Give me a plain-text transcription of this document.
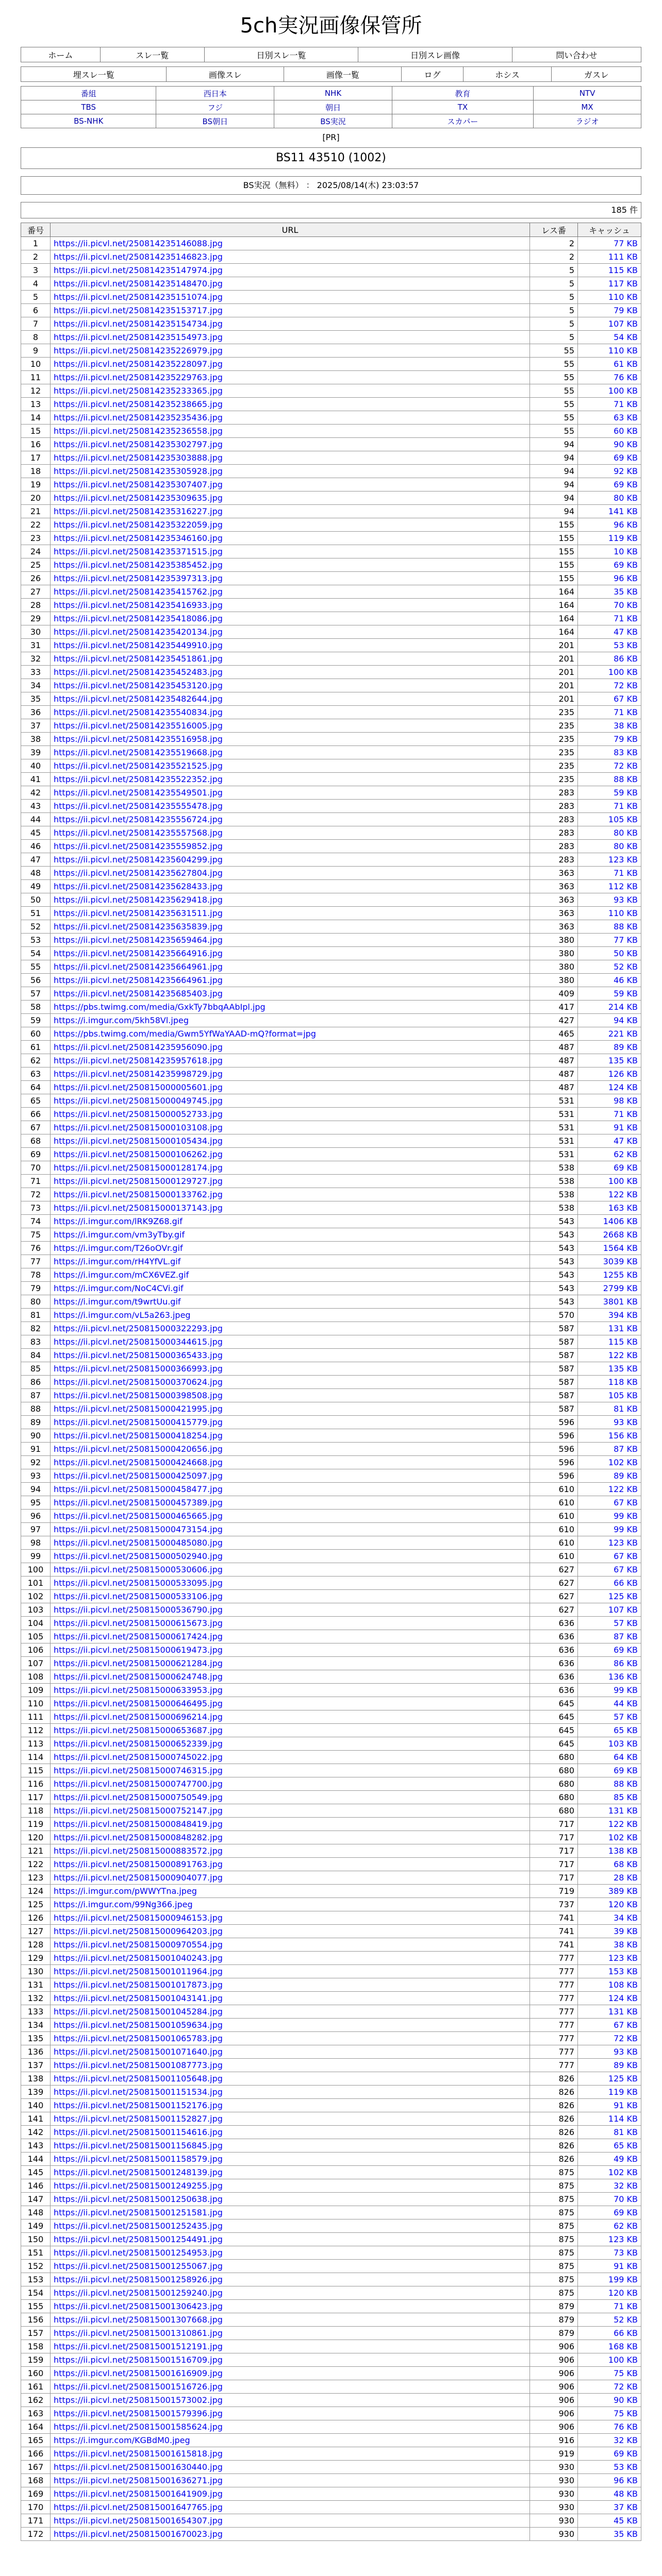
5ch実況画像保管所
ホーム	スレ一覧	日別スレ一覧	日別スレ画像	問い合わせ
埋スレ一覧	画像スレ	画像一覧	ログ	ホシス	ガスレ
番組	西日本	NHK	教育	NTV
TBS	フジ	朝日	TX	MX
BS-NHK	BS朝日	BS実況	スカパー	ラジオ
[PR]
BS11 43510 (1002)
BS実況（無料） ： 2025/08/14(木) 23:03:57
185 件
番号	URL	レス番	キャッシュ
1	https://ii.picvl.net/250814235146088.jpg	2	77 KB
2	https://ii.picvl.net/250814235146823.jpg	2	111 KB
3	https://ii.picvl.net/250814235147974.jpg	5	115 KB
4	https://ii.picvl.net/250814235148470.jpg	5	117 KB
5	https://ii.picvl.net/250814235151074.jpg	5	110 KB
6	https://ii.picvl.net/250814235153717.jpg	5	79 KB
7	https://ii.picvl.net/250814235154734.jpg	5	107 KB
8	https://ii.picvl.net/250814235154973.jpg	5	54 KB
9	https://ii.picvl.net/250814235226979.jpg	55	110 KB
10	https://ii.picvl.net/250814235228097.jpg	55	61 KB
11	https://ii.picvl.net/250814235229763.jpg	55	76 KB
12	https://ii.picvl.net/250814235233365.jpg	55	100 KB
13	https://ii.picvl.net/250814235238665.jpg	55	71 KB
14	https://ii.picvl.net/250814235235436.jpg	55	63 KB
15	https://ii.picvl.net/250814235236558.jpg	55	60 KB
16	https://ii.picvl.net/250814235302797.jpg	94	90 KB
17	https://ii.picvl.net/250814235303888.jpg	94	69 KB
18	https://ii.picvl.net/250814235305928.jpg	94	92 KB
19	https://ii.picvl.net/250814235307407.jpg	94	69 KB
20	https://ii.picvl.net/250814235309635.jpg	94	80 KB
21	https://ii.picvl.net/250814235316227.jpg	94	141 KB
22	https://ii.picvl.net/250814235322059.jpg	155	96 KB
23	https://ii.picvl.net/250814235346160.jpg	155	119 KB
24	https://ii.picvl.net/250814235371515.jpg	155	10 KB
25	https://ii.picvl.net/250814235385452.jpg	155	69 KB
26	https://ii.picvl.net/250814235397313.jpg	155	96 KB
27	https://ii.picvl.net/250814235415762.jpg	164	35 KB
28	https://ii.picvl.net/250814235416933.jpg	164	70 KB
29	https://ii.picvl.net/250814235418086.jpg	164	71 KB
30	https://ii.picvl.net/250814235420134.jpg	164	47 KB
31	https://ii.picvl.net/250814235449910.jpg	201	53 KB
32	https://ii.picvl.net/250814235451861.jpg	201	86 KB
33	https://ii.picvl.net/250814235452483.jpg	201	100 KB
34	https://ii.picvl.net/250814235453120.jpg	201	72 KB
35	https://ii.picvl.net/250814235482644.jpg	201	67 KB
36	https://ii.picvl.net/250814235540834.jpg	235	71 KB
37	https://ii.picvl.net/250814235516005.jpg	235	38 KB
38	https://ii.picvl.net/250814235516958.jpg	235	79 KB
39	https://ii.picvl.net/250814235519668.jpg	235	83 KB
40	https://ii.picvl.net/250814235521525.jpg	235	72 KB
41	https://ii.picvl.net/250814235522352.jpg	235	88 KB
42	https://ii.picvl.net/250814235549501.jpg	283	59 KB
43	https://ii.picvl.net/250814235555478.jpg	283	71 KB
44	https://ii.picvl.net/250814235556724.jpg	283	105 KB
45	https://ii.picvl.net/250814235557568.jpg	283	80 KB
46	https://ii.picvl.net/250814235559852.jpg	283	80 KB
47	https://ii.picvl.net/250814235604299.jpg	283	123 KB
48	https://ii.picvl.net/250814235627804.jpg	363	71 KB
49	https://ii.picvl.net/250814235628433.jpg	363	112 KB
50	https://ii.picvl.net/250814235629418.jpg	363	93 KB
51	https://ii.picvl.net/250814235631511.jpg	363	110 KB
52	https://ii.picvl.net/250814235635839.jpg	363	88 KB
53	https://ii.picvl.net/250814235659464.jpg	380	77 KB
54	https://ii.picvl.net/250814235664916.jpg	380	50 KB
55	https://ii.picvl.net/250814235664961.jpg	380	52 KB
56	https://ii.picvl.net/250814235664961.jpg	380	46 KB
57	https://ii.picvl.net/250814235685403.jpg	409	59 KB
58	https://pbs.twimg.com/media/GxkTy7bbqAAbIpl.jpg	417	214 KB
59	https://i.imgur.com/5kh58Vl.jpeg	427	94 KB
60	https://pbs.twimg.com/media/Gwm5YfWaYAAD-mQ?format=jpg	465	221 KB
61	https://ii.picvl.net/250814235956090.jpg	487	89 KB
62	https://ii.picvl.net/250814235957618.jpg	487	135 KB
63	https://ii.picvl.net/250814235998729.jpg	487	126 KB
64	https://ii.picvl.net/250815000005601.jpg	487	124 KB
65	https://ii.picvl.net/250815000049745.jpg	531	98 KB
66	https://ii.picvl.net/250815000052733.jpg	531	71 KB
67	https://ii.picvl.net/250815000103108.jpg	531	91 KB
68	https://ii.picvl.net/250815000105434.jpg	531	47 KB
69	https://ii.picvl.net/250815000106262.jpg	531	62 KB
70	https://ii.picvl.net/250815000128174.jpg	538	69 KB
71	https://ii.picvl.net/250815000129727.jpg	538	100 KB
72	https://ii.picvl.net/250815000133762.jpg	538	122 KB
73	https://ii.picvl.net/250815000137143.jpg	538	163 KB
74	https://i.imgur.com/lRK9Z68.gif	543	1406 KB
75	https://i.imgur.com/vm3yTby.gif	543	2668 KB
76	https://i.imgur.com/T26oOVr.gif	543	1564 KB
77	https://i.imgur.com/rH4YfVL.gif	543	3039 KB
78	https://i.imgur.com/mCX6VEZ.gif	543	1255 KB
79	https://i.imgur.com/NoC4CVi.gif	543	2799 KB
80	https://i.imgur.com/t9wrtUu.gif	543	3801 KB
81	https://i.imgur.com/vL5a263.jpeg	570	394 KB
82	https://ii.picvl.net/250815000322293.jpg	587	131 KB
83	https://ii.picvl.net/250815000344615.jpg	587	115 KB
84	https://ii.picvl.net/250815000365433.jpg	587	122 KB
85	https://ii.picvl.net/250815000366993.jpg	587	135 KB
86	https://ii.picvl.net/250815000370624.jpg	587	118 KB
87	https://ii.picvl.net/250815000398508.jpg	587	105 KB
88	https://ii.picvl.net/250815000421995.jpg	587	81 KB
89	https://ii.picvl.net/250815000415779.jpg	596	93 KB
90	https://ii.picvl.net/250815000418254.jpg	596	156 KB
91	https://ii.picvl.net/250815000420656.jpg	596	87 KB
92	https://ii.picvl.net/250815000424668.jpg	596	102 KB
93	https://ii.picvl.net/250815000425097.jpg	596	89 KB
94	https://ii.picvl.net/250815000458477.jpg	610	122 KB
95	https://ii.picvl.net/250815000457389.jpg	610	67 KB
96	https://ii.picvl.net/250815000465665.jpg	610	99 KB
97	https://ii.picvl.net/250815000473154.jpg	610	99 KB
98	https://ii.picvl.net/250815000485080.jpg	610	123 KB
99	https://ii.picvl.net/250815000502940.jpg	610	67 KB
100	https://ii.picvl.net/250815000530606.jpg	627	67 KB
101	https://ii.picvl.net/250815000533095.jpg	627	66 KB
102	https://ii.picvl.net/250815000533106.jpg	627	125 KB
103	https://ii.picvl.net/250815000536790.jpg	627	107 KB
104	https://ii.picvl.net/250815000615673.jpg	636	57 KB
105	https://ii.picvl.net/250815000617424.jpg	636	87 KB
106	https://ii.picvl.net/250815000619473.jpg	636	69 KB
107	https://ii.picvl.net/250815000621284.jpg	636	86 KB
108	https://ii.picvl.net/250815000624748.jpg	636	136 KB
109	https://ii.picvl.net/250815000633953.jpg	636	99 KB
110	https://ii.picvl.net/250815000646495.jpg	645	44 KB
111	https://ii.picvl.net/250815000696214.jpg	645	57 KB
112	https://ii.picvl.net/250815000653687.jpg	645	65 KB
113	https://ii.picvl.net/250815000652339.jpg	645	103 KB
114	https://ii.picvl.net/250815000745022.jpg	680	64 KB
115	https://ii.picvl.net/250815000746315.jpg	680	69 KB
116	https://ii.picvl.net/250815000747700.jpg	680	88 KB
117	https://ii.picvl.net/250815000750549.jpg	680	85 KB
118	https://ii.picvl.net/250815000752147.jpg	680	131 KB
119	https://ii.picvl.net/250815000848419.jpg	717	122 KB
120	https://ii.picvl.net/250815000848282.jpg	717	102 KB
121	https://ii.picvl.net/250815000883572.jpg	717	138 KB
122	https://ii.picvl.net/250815000891763.jpg	717	68 KB
123	https://ii.picvl.net/250815000904077.jpg	717	28 KB
124	https://i.imgur.com/pWWYTna.jpeg	719	389 KB
125	https://i.imgur.com/99Ng366.jpeg	737	120 KB
126	https://ii.picvl.net/250815000946153.jpg	741	34 KB
127	https://ii.picvl.net/250815000964203.jpg	741	39 KB
128	https://ii.picvl.net/250815000970554.jpg	741	38 KB
129	https://ii.picvl.net/250815001040243.jpg	777	123 KB
130	https://ii.picvl.net/250815001011964.jpg	777	153 KB
131	https://ii.picvl.net/250815001017873.jpg	777	108 KB
132	https://ii.picvl.net/250815001043141.jpg	777	124 KB
133	https://ii.picvl.net/250815001045284.jpg	777	131 KB
134	https://ii.picvl.net/250815001059634.jpg	777	67 KB
135	https://ii.picvl.net/250815001065783.jpg	777	72 KB
136	https://ii.picvl.net/250815001071640.jpg	777	93 KB
137	https://ii.picvl.net/250815001087773.jpg	777	89 KB
138	https://ii.picvl.net/250815001105648.jpg	826	125 KB
139	https://ii.picvl.net/250815001151534.jpg	826	119 KB
140	https://ii.picvl.net/250815001152176.jpg	826	91 KB
141	https://ii.picvl.net/250815001152827.jpg	826	114 KB
142	https://ii.picvl.net/250815001154616.jpg	826	81 KB
143	https://ii.picvl.net/250815001156845.jpg	826	65 KB
144	https://ii.picvl.net/250815001158579.jpg	826	49 KB
145	https://ii.picvl.net/250815001248139.jpg	875	102 KB
146	https://ii.picvl.net/250815001249255.jpg	875	32 KB
147	https://ii.picvl.net/250815001250638.jpg	875	70 KB
148	https://ii.picvl.net/250815001251581.jpg	875	69 KB
149	https://ii.picvl.net/250815001252435.jpg	875	62 KB
150	https://ii.picvl.net/250815001254491.jpg	875	123 KB
151	https://ii.picvl.net/250815001254953.jpg	875	73 KB
152	https://ii.picvl.net/250815001255067.jpg	875	91 KB
153	https://ii.picvl.net/250815001258926.jpg	875	199 KB
154	https://ii.picvl.net/250815001259240.jpg	875	120 KB
155	https://ii.picvl.net/250815001306423.jpg	879	71 KB
156	https://ii.picvl.net/250815001307668.jpg	879	52 KB
157	https://ii.picvl.net/250815001310861.jpg	879	66 KB
158	https://ii.picvl.net/250815001512191.jpg	906	168 KB
159	https://ii.picvl.net/250815001516709.jpg	906	100 KB
160	https://ii.picvl.net/250815001616909.jpg	906	75 KB
161	https://ii.picvl.net/250815001516726.jpg	906	72 KB
162	https://ii.picvl.net/250815001573002.jpg	906	90 KB
163	https://ii.picvl.net/250815001579396.jpg	906	75 KB
164	https://ii.picvl.net/250815001585624.jpg	906	76 KB
165	https://i.imgur.com/KGBdM0.jpeg	916	32 KB
166	https://ii.picvl.net/250815001615818.jpg	919	69 KB
167	https://ii.picvl.net/250815001630440.jpg	930	53 KB
168	https://ii.picvl.net/250815001636271.jpg	930	96 KB
169	https://ii.picvl.net/250815001641909.jpg	930	48 KB
170	https://ii.picvl.net/250815001647765.jpg	930	37 KB
171	https://ii.picvl.net/250815001654307.jpg	930	45 KB
172	https://ii.picvl.net/250815001670023.jpg	930	35 KB
